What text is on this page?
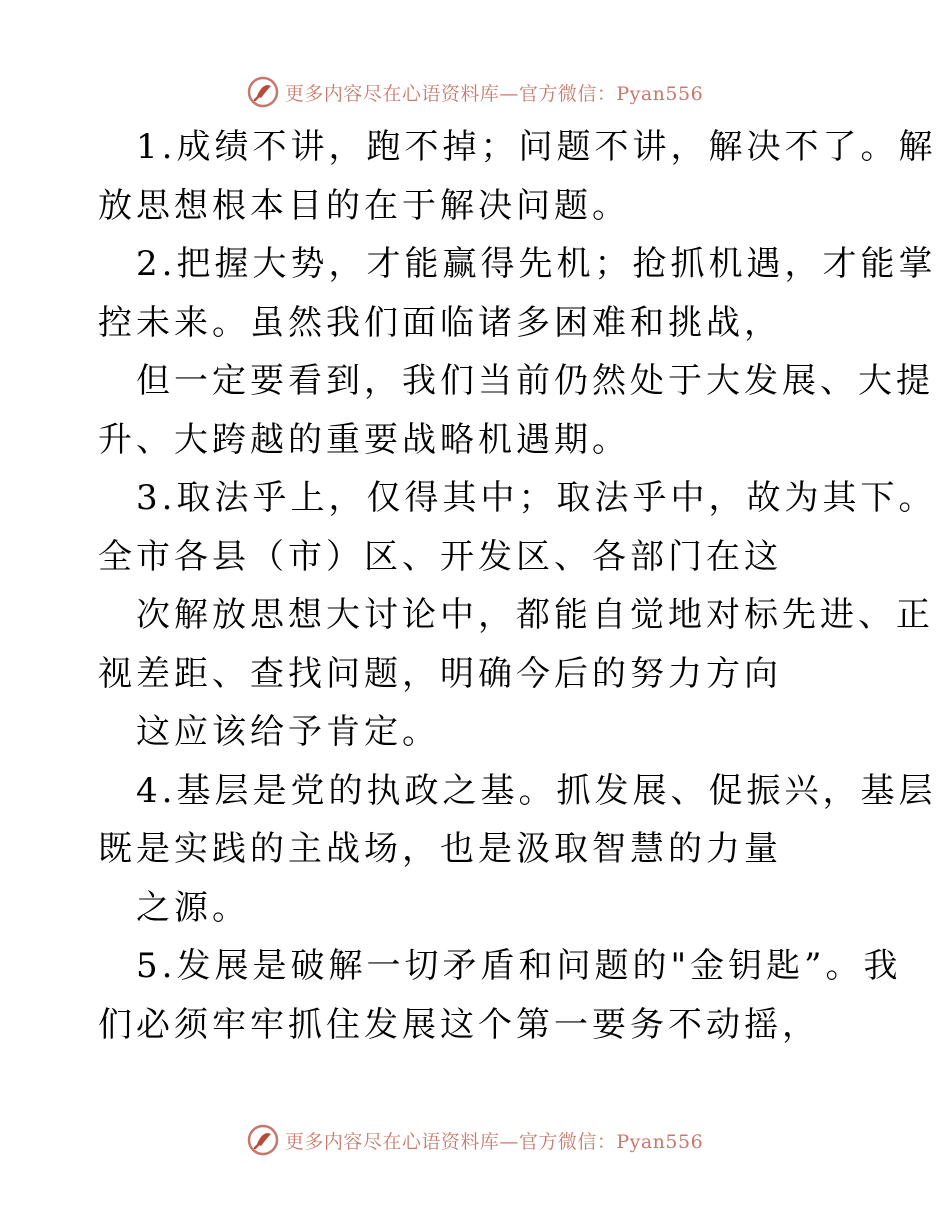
更多内容尽在心语资料库—官方微信：Pyan556

1.成绩不讲，跑不掉；问题不讲，解决不了。解

放思想根本目的在于解决问题。

2.把握大势，才能赢得先机；抢抓机遇，才能掌

控未来。虽然我们面临诸多困难和挑战，

但一定要看到，我们当前仍然处于大发展、大提

升、大跨越的重要战略机遇期。

3.取法乎上，仅得其中；取法乎中，故为其下。

全市各县（市）区、开发区、各部门在这

次解放思想大讨论中，都能自觉地对标先进、正

视差距、查找问题，明确今后的努力方向

这应该给予肯定。

4.基层是党的执政之基。抓发展、促振兴，基层

既是实践的主战场，也是汲取智慧的力量

之源。

5.发展是破解一切矛盾和问题的"金钥匙”。我

们必须牢牢抓住发展这个第一要务不动摇，

更多内容尽在心语资料库—官方微信：Pyan556
